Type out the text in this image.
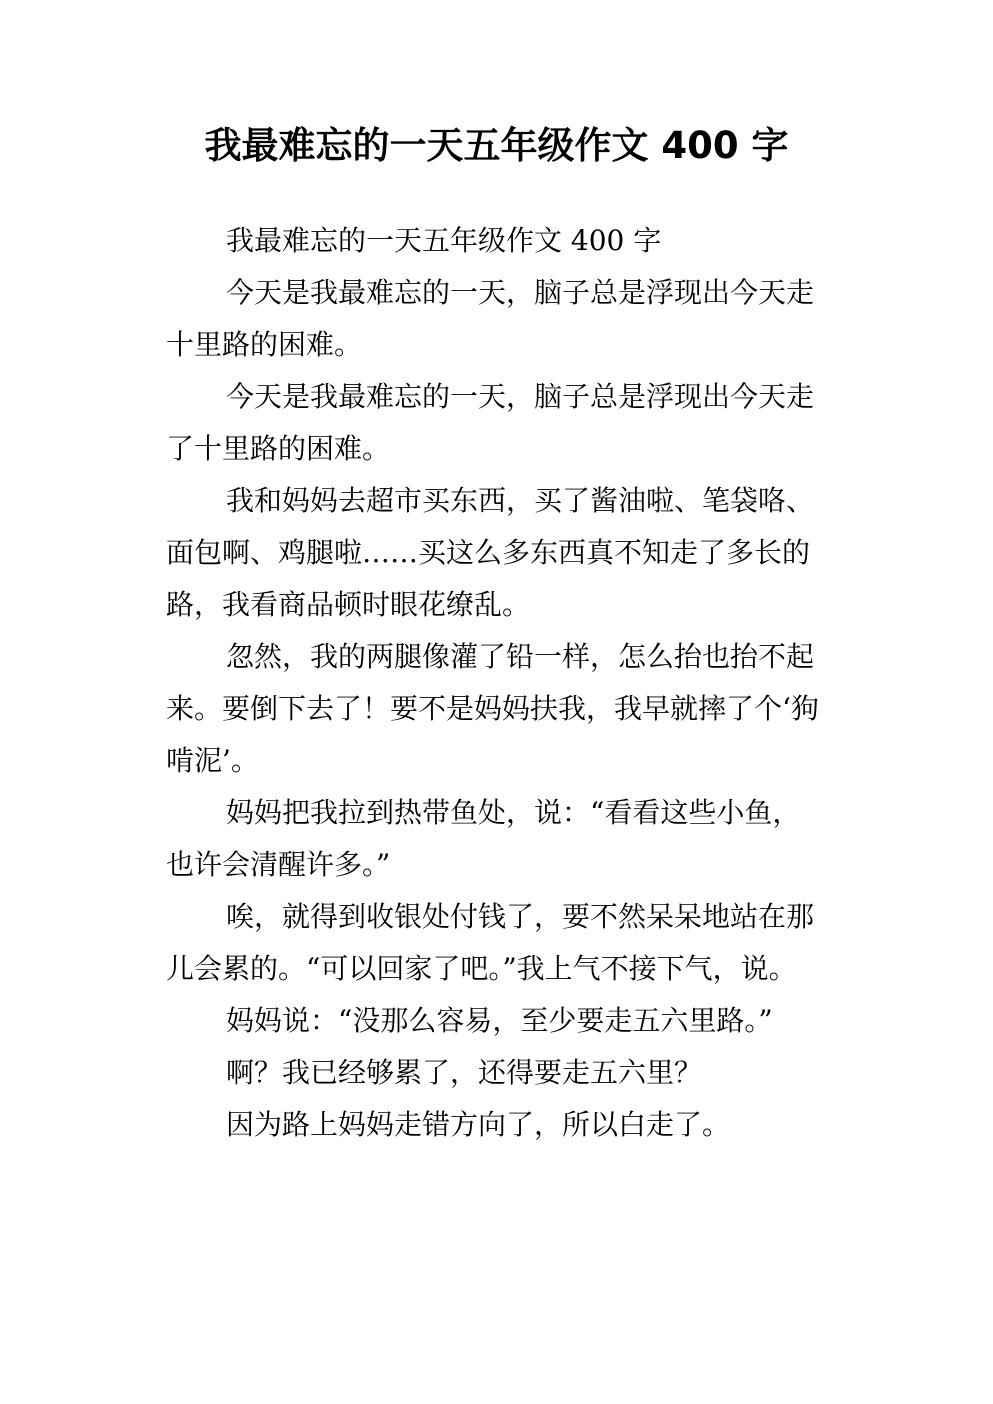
我最难忘的一天五年级作文 400 字

我最难忘的一天五年级作文 400 字

今天是我最难忘的一天，脑子总是浮现出今天走十里路的困难。

今天是我最难忘的一天，脑子总是浮现出今天走了十里路的困难。

我和妈妈去超市买东西，买了酱油啦、笔袋咯、面包啊、鸡腿啦……买这么多东西真不知走了多长的路，我看商品顿时眼花缭乱。

忽然，我的两腿像灌了铅一样，怎么抬也抬不起来。要倒下去了！要不是妈妈扶我，我早就摔了个‘狗啃泥’。

妈妈把我拉到热带鱼处，说：“看看这些小鱼，也许会清醒许多。”

唉，就得到收银处付钱了，要不然呆呆地站在那儿会累的。“可以回家了吧。”我上气不接下气，说。

妈妈说：“没那么容易，至少要走五六里路。”

啊？我已经够累了，还得要走五六里？

因为路上妈妈走错方向了，所以白走了。
